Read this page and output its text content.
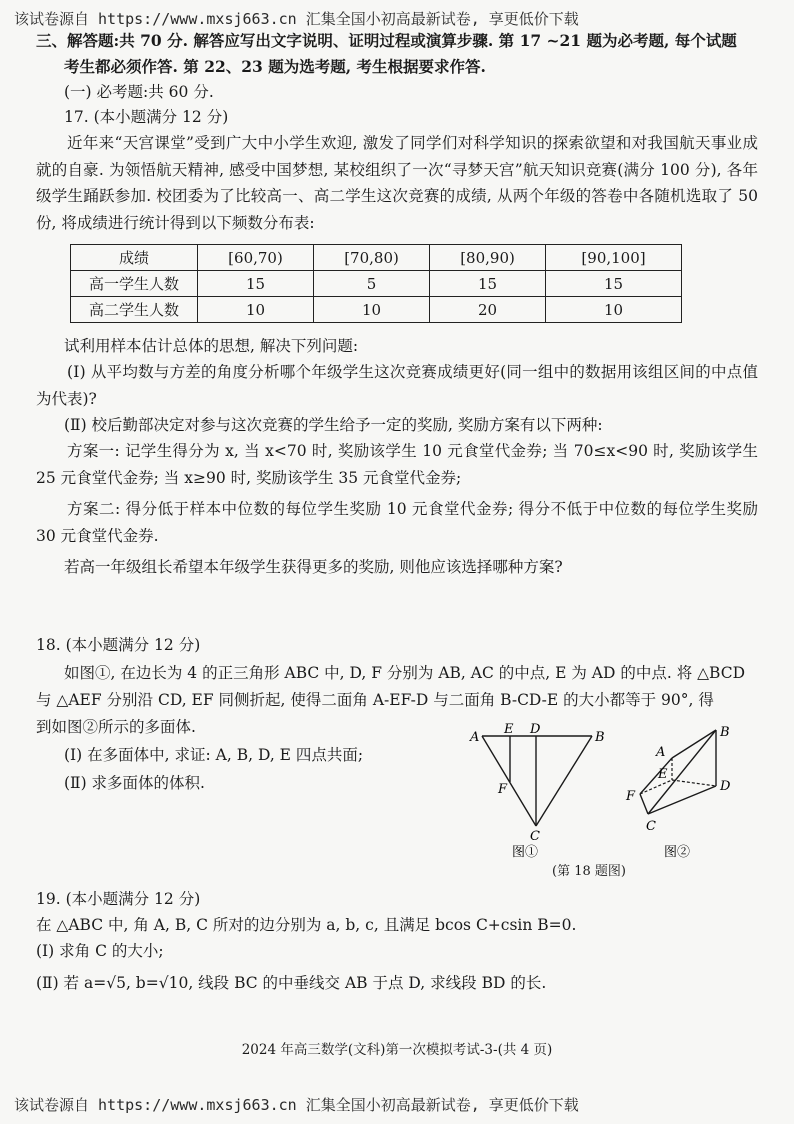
该试卷源自 https://www.mxsj663.cn 汇集全国小初高最新试卷, 享更低价下载
三、解答题:共 70 分. 解答应写出文字说明、证明过程或演算步骤. 第 17 ~21 题为必考题, 每个试题
考生都必须作答. 第 22、23 题为选考题, 考生根据要求作答.
(一) 必考题:共 60 分.
17. (本小题满分 12 分)
近年来“天宫课堂”受到广大中小学生欢迎, 激发了同学们对科学知识的探索欲望和对我国航天事业成就的自豪. 为领悟航天精神, 感受中国梦想, 某校组织了一次“寻梦天宫”航天知识竞赛(满分 100 分), 各年级学生踊跃参加. 校团委为了比较高一、高二学生这次竞赛的成绩, 从两个年级的答卷中各随机选取了 50 份, 将成绩进行统计得到以下频数分布表:
成绩	[60,70)	[70,80)	[80,90)	[90,100]
高一学生人数	15	5	15	15
高二学生人数	10	10	20	10
试利用样本估计总体的思想, 解决下列问题:
(Ⅰ) 从平均数与方差的角度分析哪个年级学生这次竞赛成绩更好(同一组中的数据用该组区间的中点值为代表)?
(Ⅱ) 校后勤部决定对参与这次竞赛的学生给予一定的奖励, 奖励方案有以下两种:
方案一: 记学生得分为 x, 当 x<70 时, 奖励该学生 10 元食堂代金券; 当 70≤x<90 时, 奖励该学生 25 元食堂代金券; 当 x≥90 时, 奖励该学生 35 元食堂代金券;
方案二: 得分低于样本中位数的每位学生奖励 10 元食堂代金券; 得分不低于中位数的每位学生奖励 30 元食堂代金券.
若高一年级组长希望本年级学生获得更多的奖励, 则他应该选择哪种方案?
18. (本小题满分 12 分)
如图①, 在边长为 4 的正三角形 ABC 中, D, F 分别为 AB, AC 的中点, E 为 AD 的中点. 将 △BCD
与 △AEF 分别沿 CD, EF 同侧折起, 使得二面角 A-EF-D 与二面角 B-CD-E 的大小都等于 90°, 得
到如图②所示的多面体.
(Ⅰ) 在多面体中, 求证: A, B, D, E 四点共面;
(Ⅱ) 求多面体的体积.
A
E D
B
F
C
图①
A
E
B
D
F
C
图②
(第 18 题图)
19. (本小题满分 12 分)
在 △ABC 中, 角 A, B, C 所对的边分别为 a, b, c, 且满足 bcos C+csin B=0.
(Ⅰ) 求角 C 的大小;
(Ⅱ) 若 a=√5, b=√10, 线段 BC 的中垂线交 AB 于点 D, 求线段 BD 的长.
2024 年高三数学(文科)第一次模拟考试-3-(共 4 页)
该试卷源自 https://www.mxsj663.cn 汇集全国小初高最新试卷, 享更低价下载
